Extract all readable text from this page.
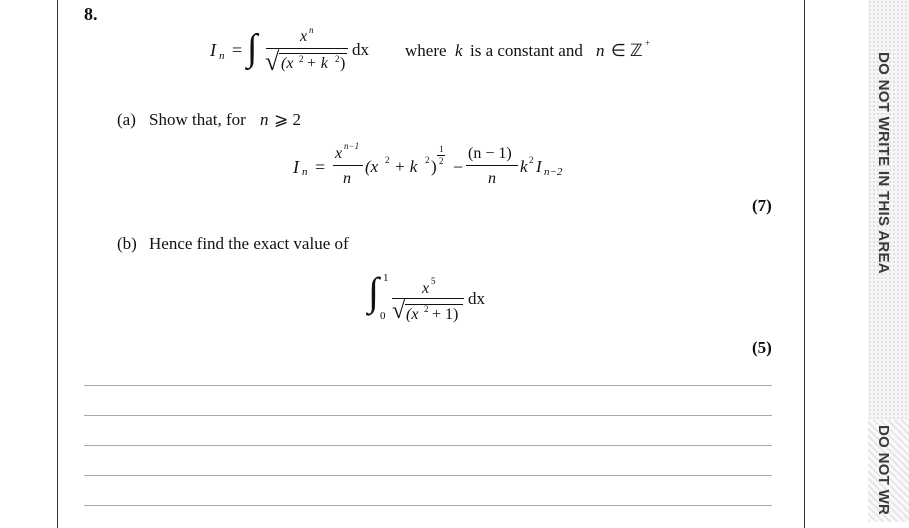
8.
I n = ∫	x n
√ (x 2 + k 2 )
dx where k is a constant and n ∈ ℤ +
(a) Show that, for n ⩾ 2
I n =
x n−1
n
(x 2 + k 2 )
1
2 −
(n − 1)
n
k 2 I n−2
(7)
(b) Hence find the exact value of
∫ 1
0
x 5
√ (x 2 + 1)
dx
(5)
DO NOT WRITE IN THIS AREA
DO NOT WR
